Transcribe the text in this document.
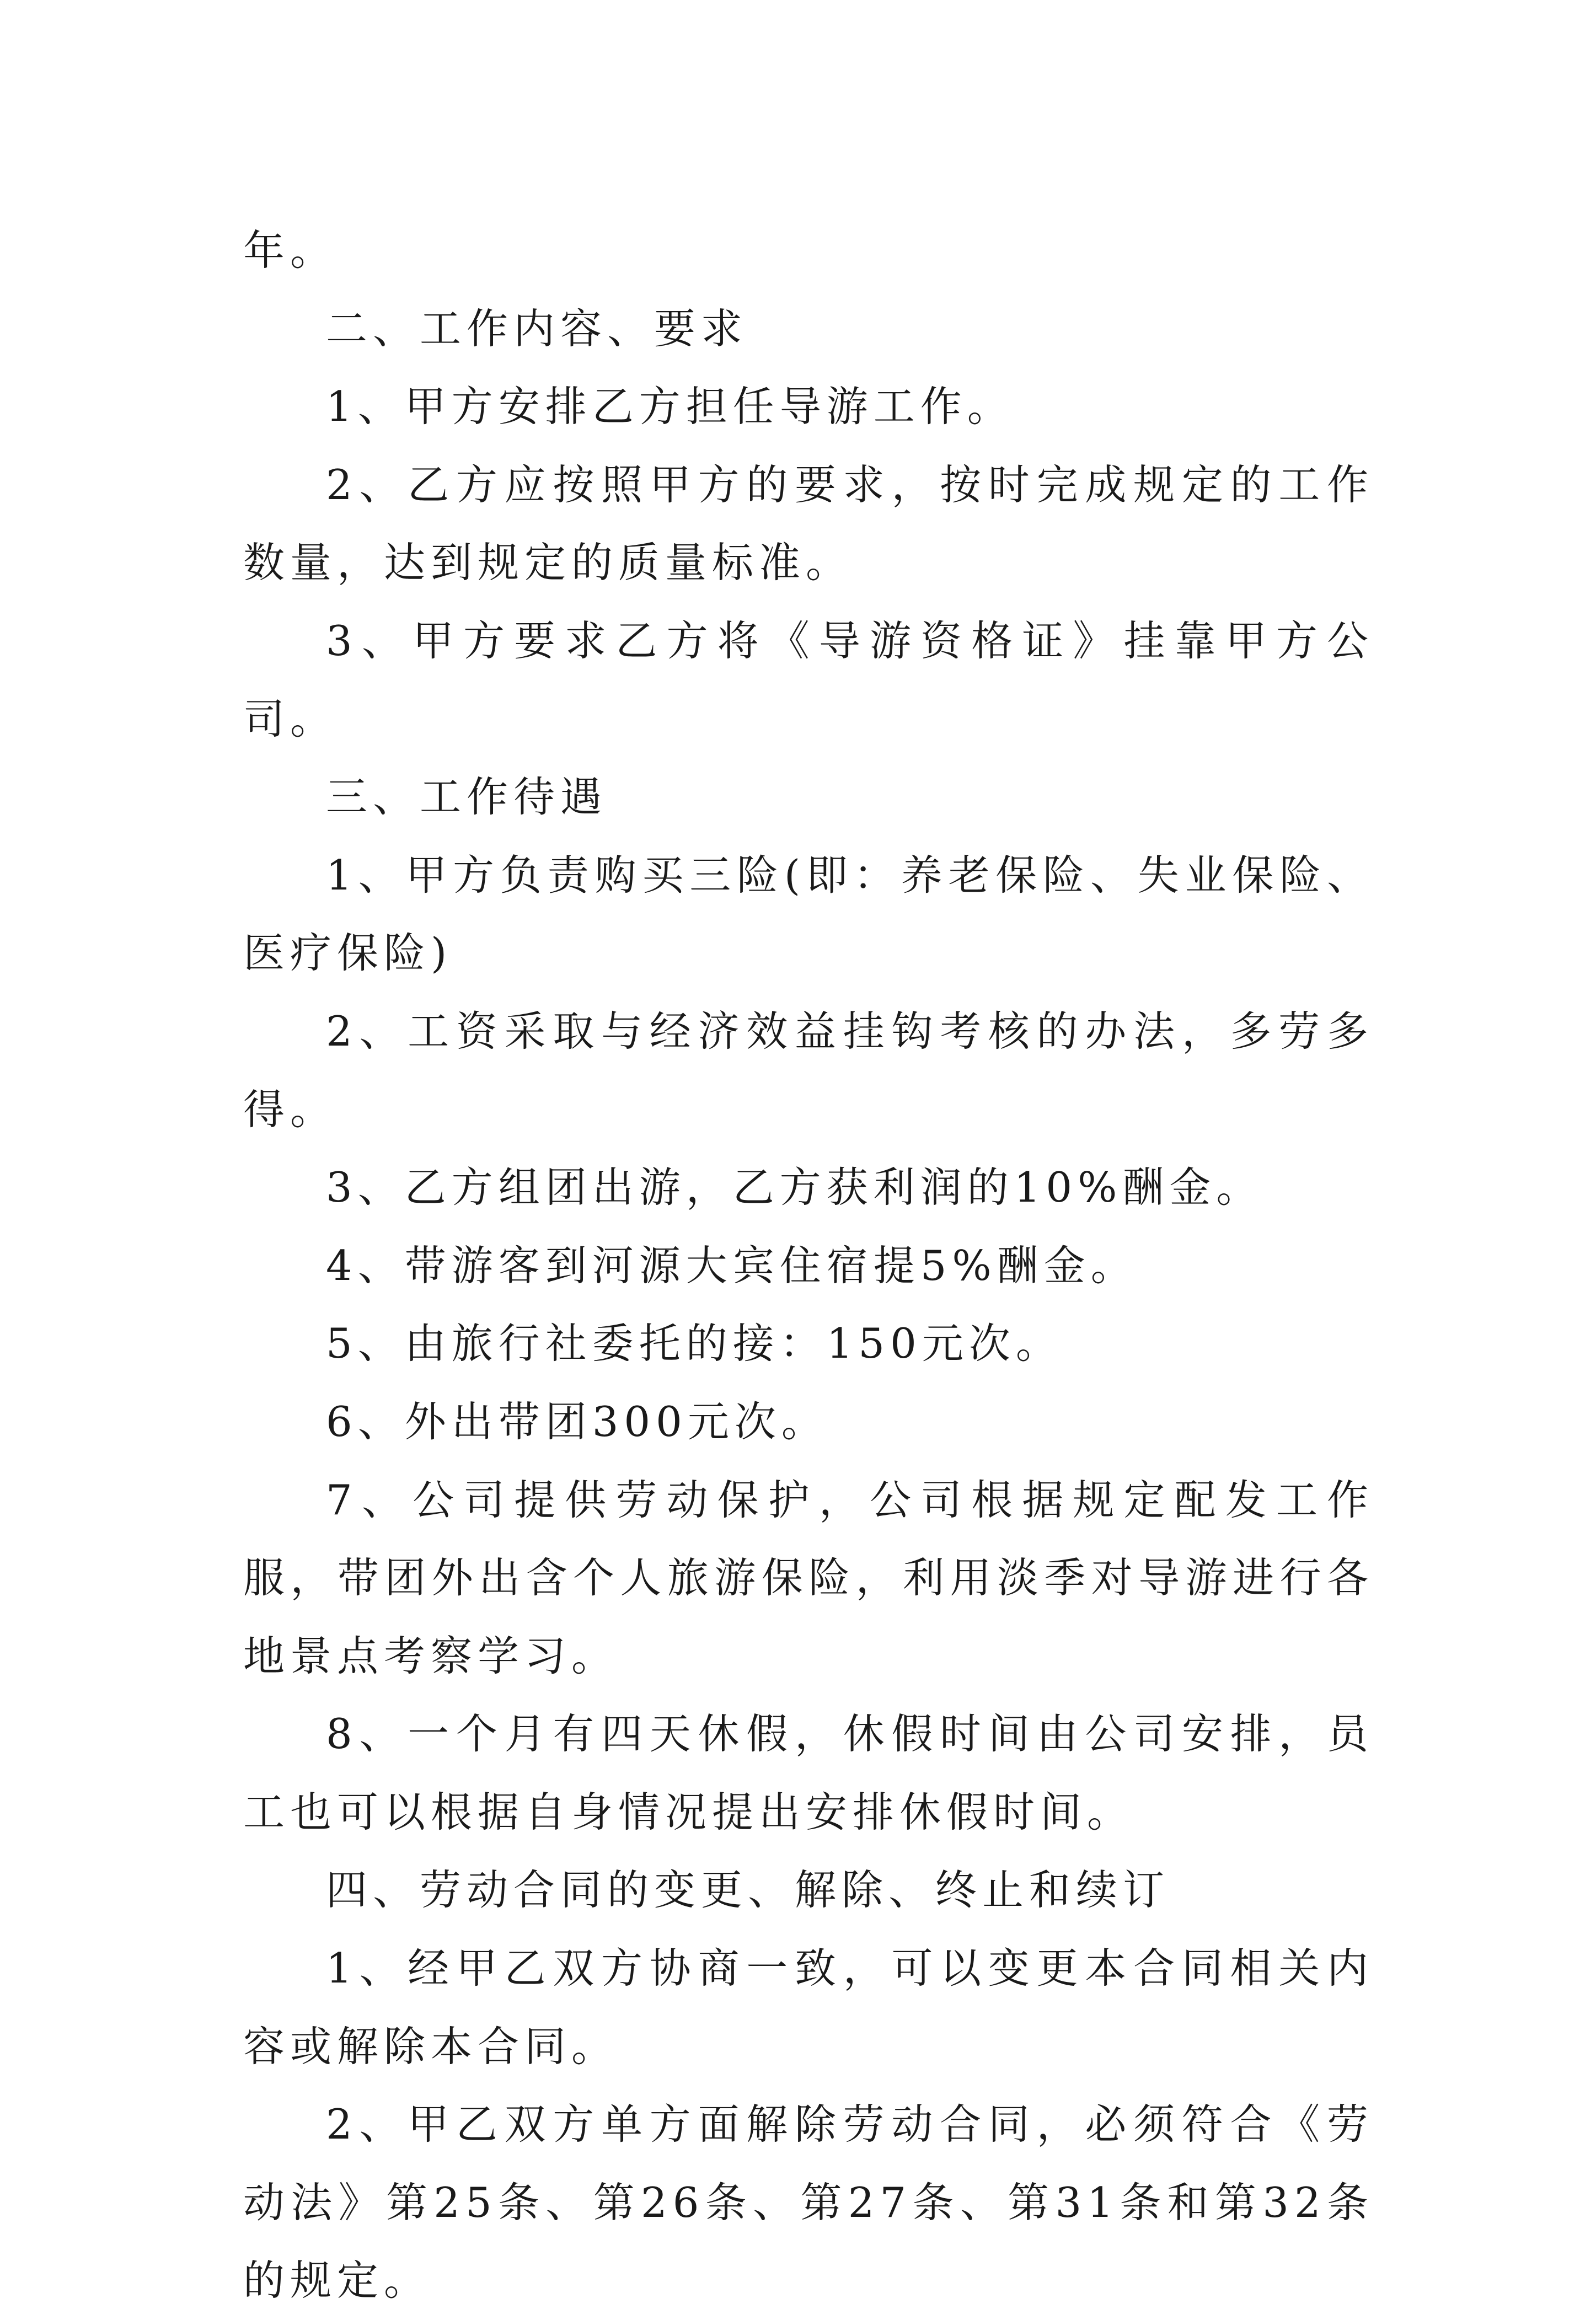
年。

二、工作内容、要求

1、甲方安排乙方担任导游工作。

2、乙方应按照甲方的要求，按时完成规定的工作数量，达到规定的质量标准。

3、甲方要求乙方将《导游资格证》挂靠甲方公司。

三、工作待遇

1、甲方负责购买三险(即：养老保险、失业保险、医疗保险)

2、工资采取与经济效益挂钩考核的办法，多劳多得。

3、乙方组团出游，乙方获利润的10%酬金。

4、带游客到河源大宾住宿提5%酬金。

5、由旅行社委托的接：150元次。

6、外出带团300元次。

7、公司提供劳动保护，公司根据规定配发工作服，带团外出含个人旅游保险，利用淡季对导游进行各地景点考察学习。

8、一个月有四天休假，休假时间由公司安排，员工也可以根据自身情况提出安排休假时间。

四、劳动合同的变更、解除、终止和续订

1、经甲乙双方协商一致，可以变更本合同相关内容或解除本合同。

2、甲乙双方单方面解除劳动合同，必须符合《劳动法》第25条、第26条、第27条、第31条和第32条的规定。
